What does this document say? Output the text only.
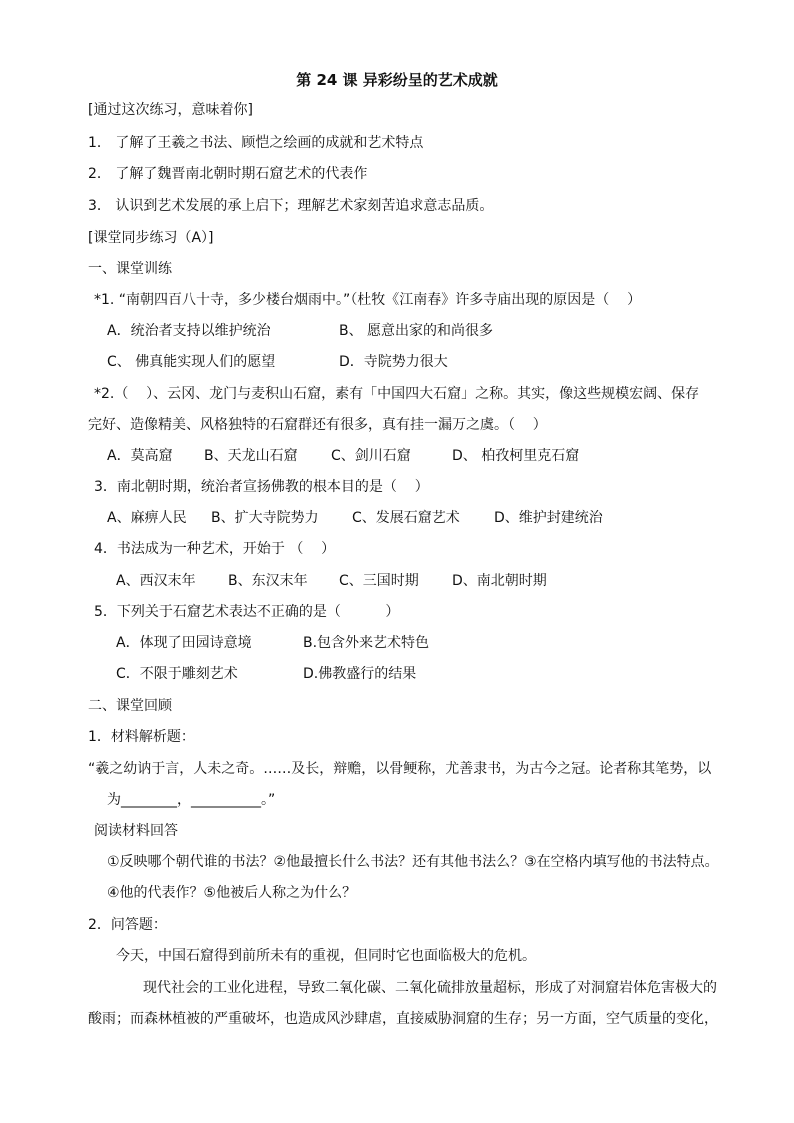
第 24 课 异彩纷呈的艺术成就
[通过这次练习，意味着你]
1． 了解了王羲之书法、顾恺之绘画的成就和艺术特点
2． 了解了魏晋南北朝时期石窟艺术的代表作
3． 认识到艺术发展的承上启下；理解艺术家刻苦追求意志品质。
[课堂同步练习（A）]
一、课堂训练
*1. “南朝四百八十寺，多少楼台烟雨中。”（杜牧《江南春》许多寺庙出现的原因是（    ）
A．统治者支持以维护统治	B、 愿意出家的和尚很多
C、 佛真能实现人们的愿望	D．寺院势力很大
*2.（    ）、云冈、龙门与麦积山石窟，素有「中国四大石窟」之称。其实，像这些规模宏阔、保存
完好、造像精美、风格独特的石窟群还有很多，真有挂一漏万之虞。（    ）
A．莫高窟 B、天龙山石窟 C、剑川石窟	D、 柏孜柯里克石窟
3．南北朝时期，统治者宣扬佛教的根本目的是（    ）
A、麻痹人民 B、扩大寺院势力 C、发展石窟艺术 D、维护封建统治
4．书法成为一种艺术，开始于 （    ）
A、西汉末年 B、东汉末年 C、三国时期 D、南北朝时期
5．下列关于石窟艺术表达不正确的是（          ）
A．体现了田园诗意境	B.包含外来艺术特色
C．不限于雕刻艺术	D.佛教盛行的结果
二、课堂回顾
1．材料解析题：
“羲之幼讷于言，人未之奇。……及长，辩赡，以骨鲠称，尤善隶书，为古今之冠。论者称其笔势，以
为________，__________。”
阅读材料回答
①反映哪个朝代谁的书法？②他最擅长什么书法？还有其他书法么？③在空格内填写他的书法特点。
④他的代表作？⑤他被后人称之为什么？
2．问答题：
今天，中国石窟得到前所未有的重视，但同时它也面临极大的危机。
现代社会的工业化进程，导致二氧化碳、二氧化硫排放量超标，形成了对洞窟岩体危害极大的
酸雨；而森林植被的严重破坏，也造成风沙肆虐，直接威胁洞窟的生存；另一方面，空气质量的变化，
